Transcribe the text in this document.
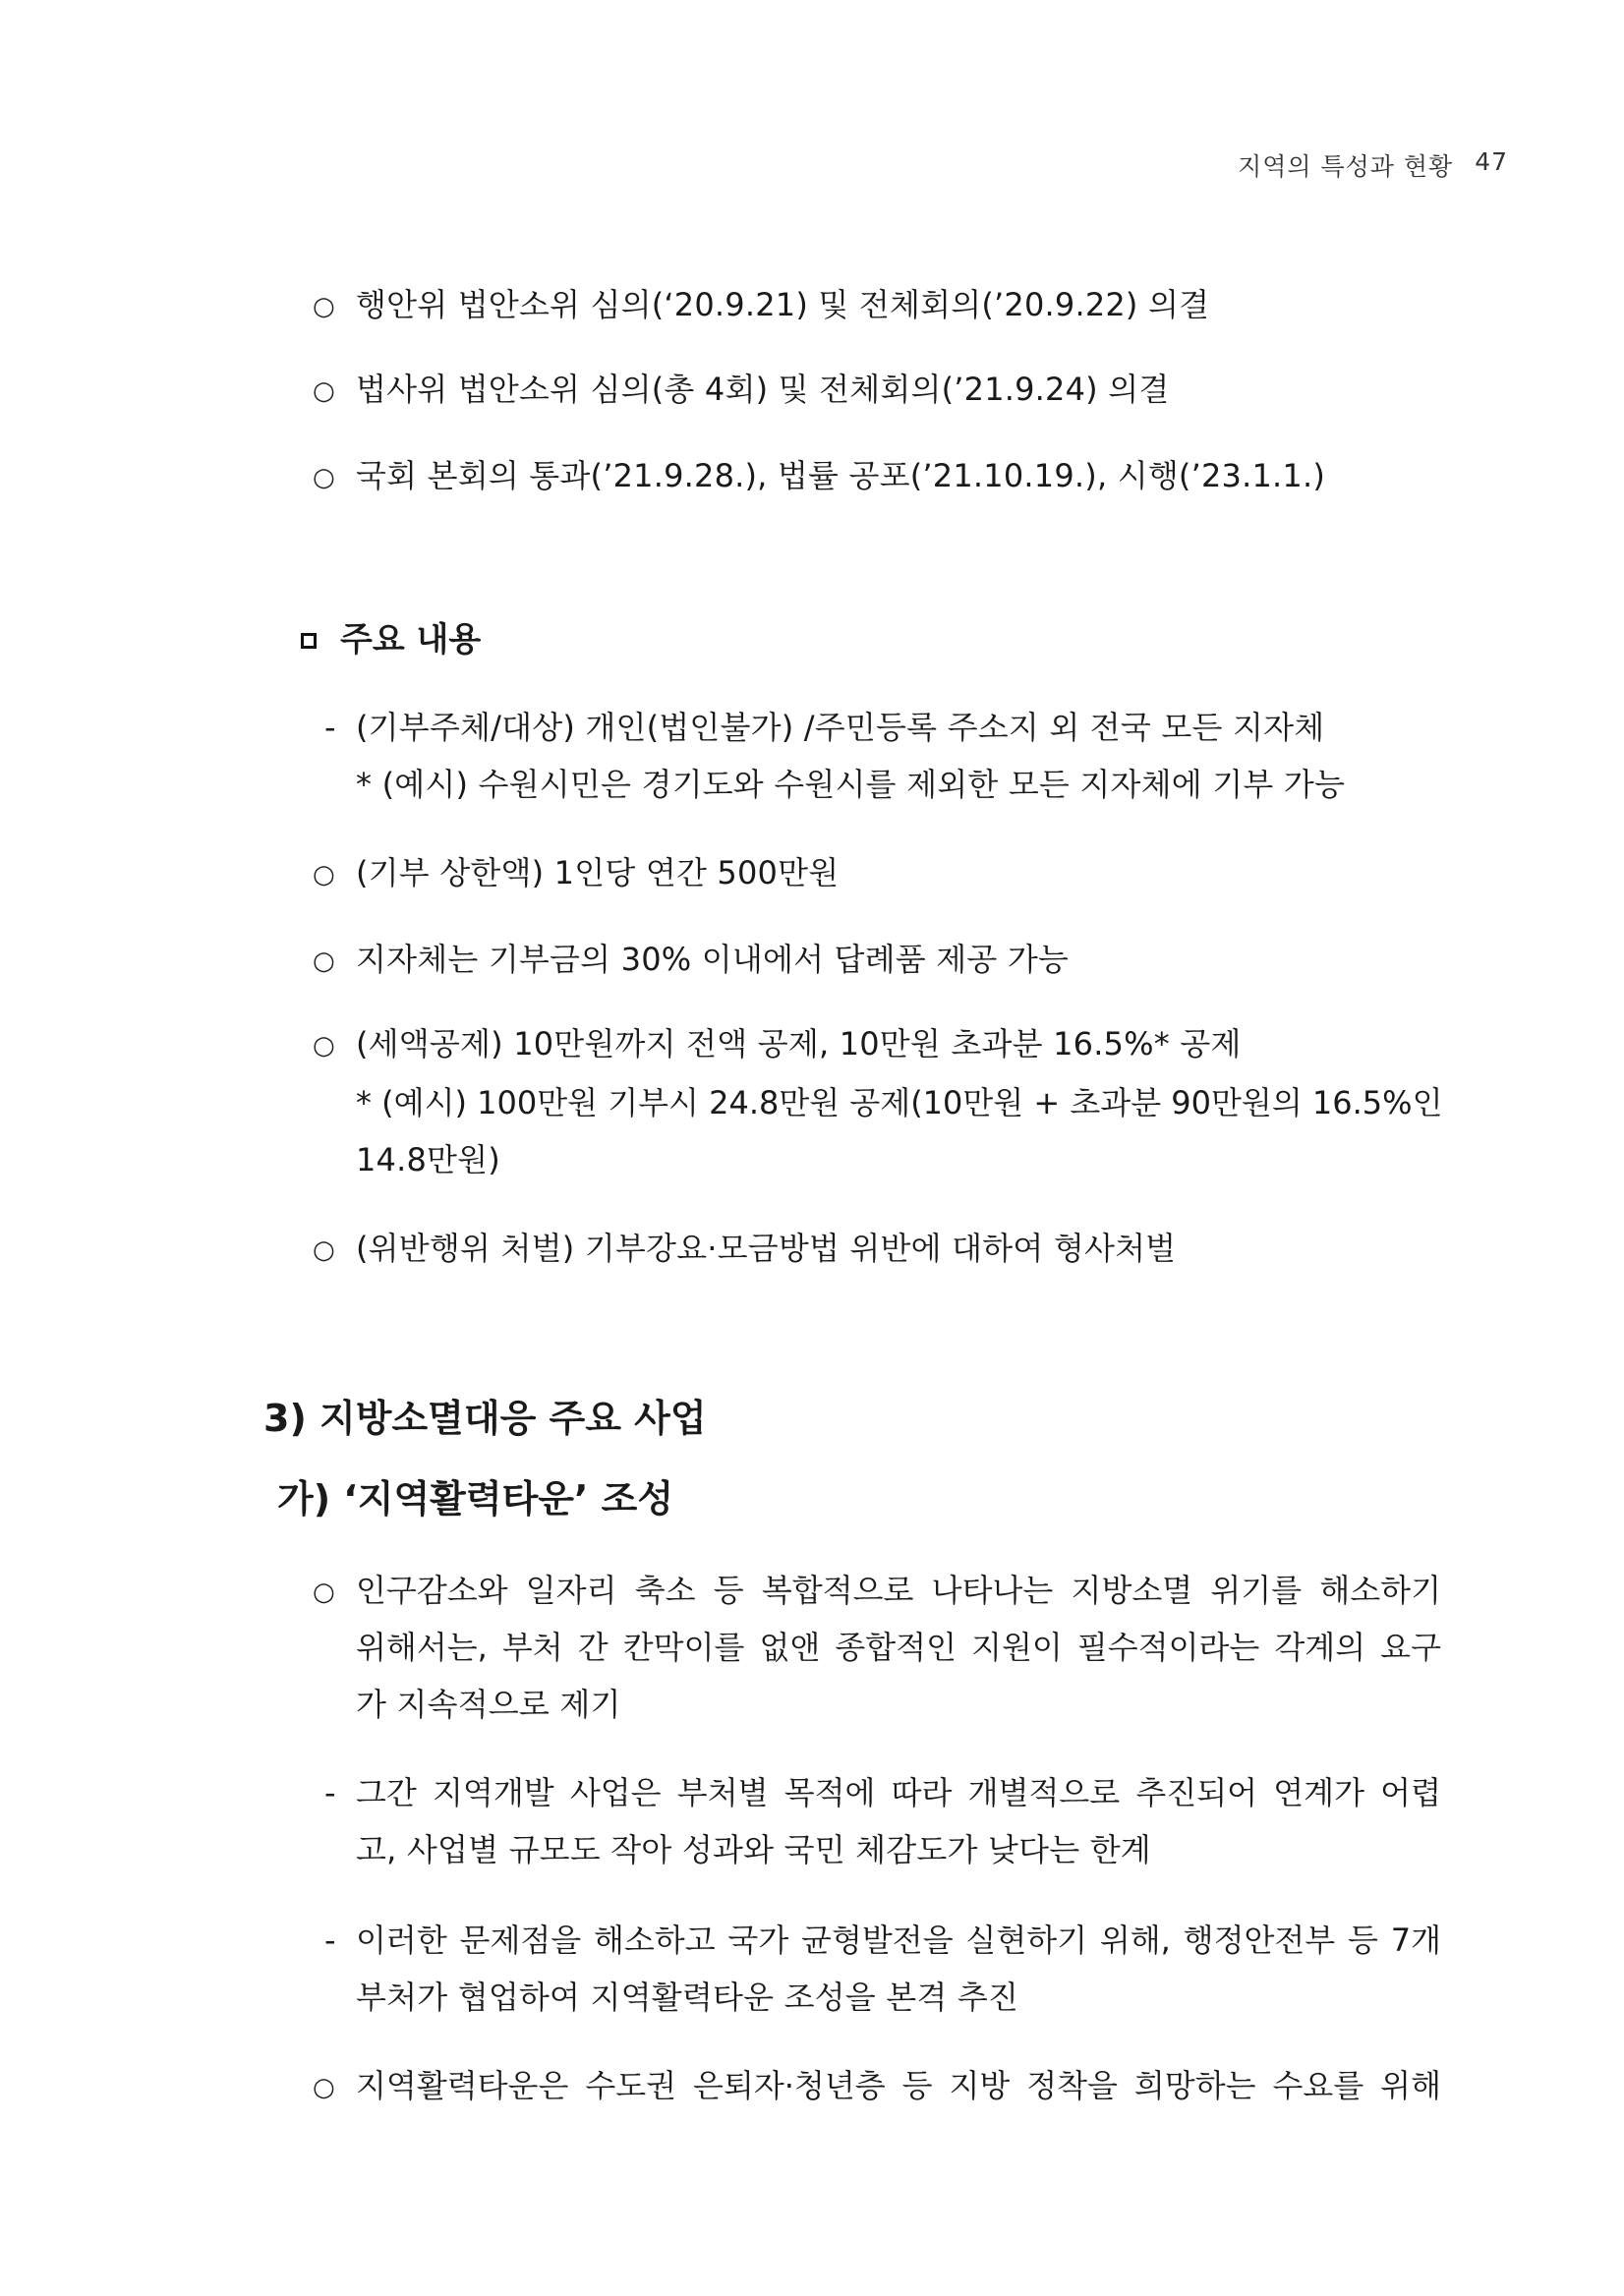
지역의 특성과 현황 47
○ 행안위 법안소위 심의(‘20.9.21) 및 전체회의(’20.9.22) 의결
○ 법사위 법안소위 심의(총 4회) 및 전체회의(’21.9.24) 의결
○ 국회 본회의 통과(’21.9.28.), 법률 공포(’21.10.19.), 시행(’23.1.1.)
주요 내용
- (기부주체/대상) 개인(법인불가) /주민등록 주소지 외 전국 모든 지자체
* (예시) 수원시민은 경기도와 수원시를 제외한 모든 지자체에 기부 가능
○ (기부 상한액) 1인당 연간 500만원
○ 지자체는 기부금의 30% 이내에서 답례품 제공 가능
○ (세액공제) 10만원까지 전액 공제, 10만원 초과분 16.5%* 공제
* (예시) 100만원 기부시 24.8만원 공제(10만원 + 초과분 90만원의 16.5%인
14.8만원)
○ (위반행위 처벌) 기부강요·모금방법 위반에 대하여 형사처벌
3) 지방소멸대응 주요 사업
가) ‘지역활력타운’ 조성
○ 인구감소와 일자리 축소 등 복합적으로 나타나는 지방소멸 위기를 해소하기
위해서는, 부처 간 칸막이를 없앤 종합적인 지원이 필수적이라는 각계의 요구
가 지속적으로 제기
- 그간 지역개발 사업은 부처별 목적에 따라 개별적으로 추진되어 연계가 어렵
고, 사업별 규모도 작아 성과와 국민 체감도가 낮다는 한계
- 이러한 문제점을 해소하고 국가 균형발전을 실현하기 위해, 행정안전부 등 7개
부처가 협업하여 지역활력타운 조성을 본격 추진
○ 지역활력타운은 수도권 은퇴자·청년층 등 지방 정착을 희망하는 수요를 위해
